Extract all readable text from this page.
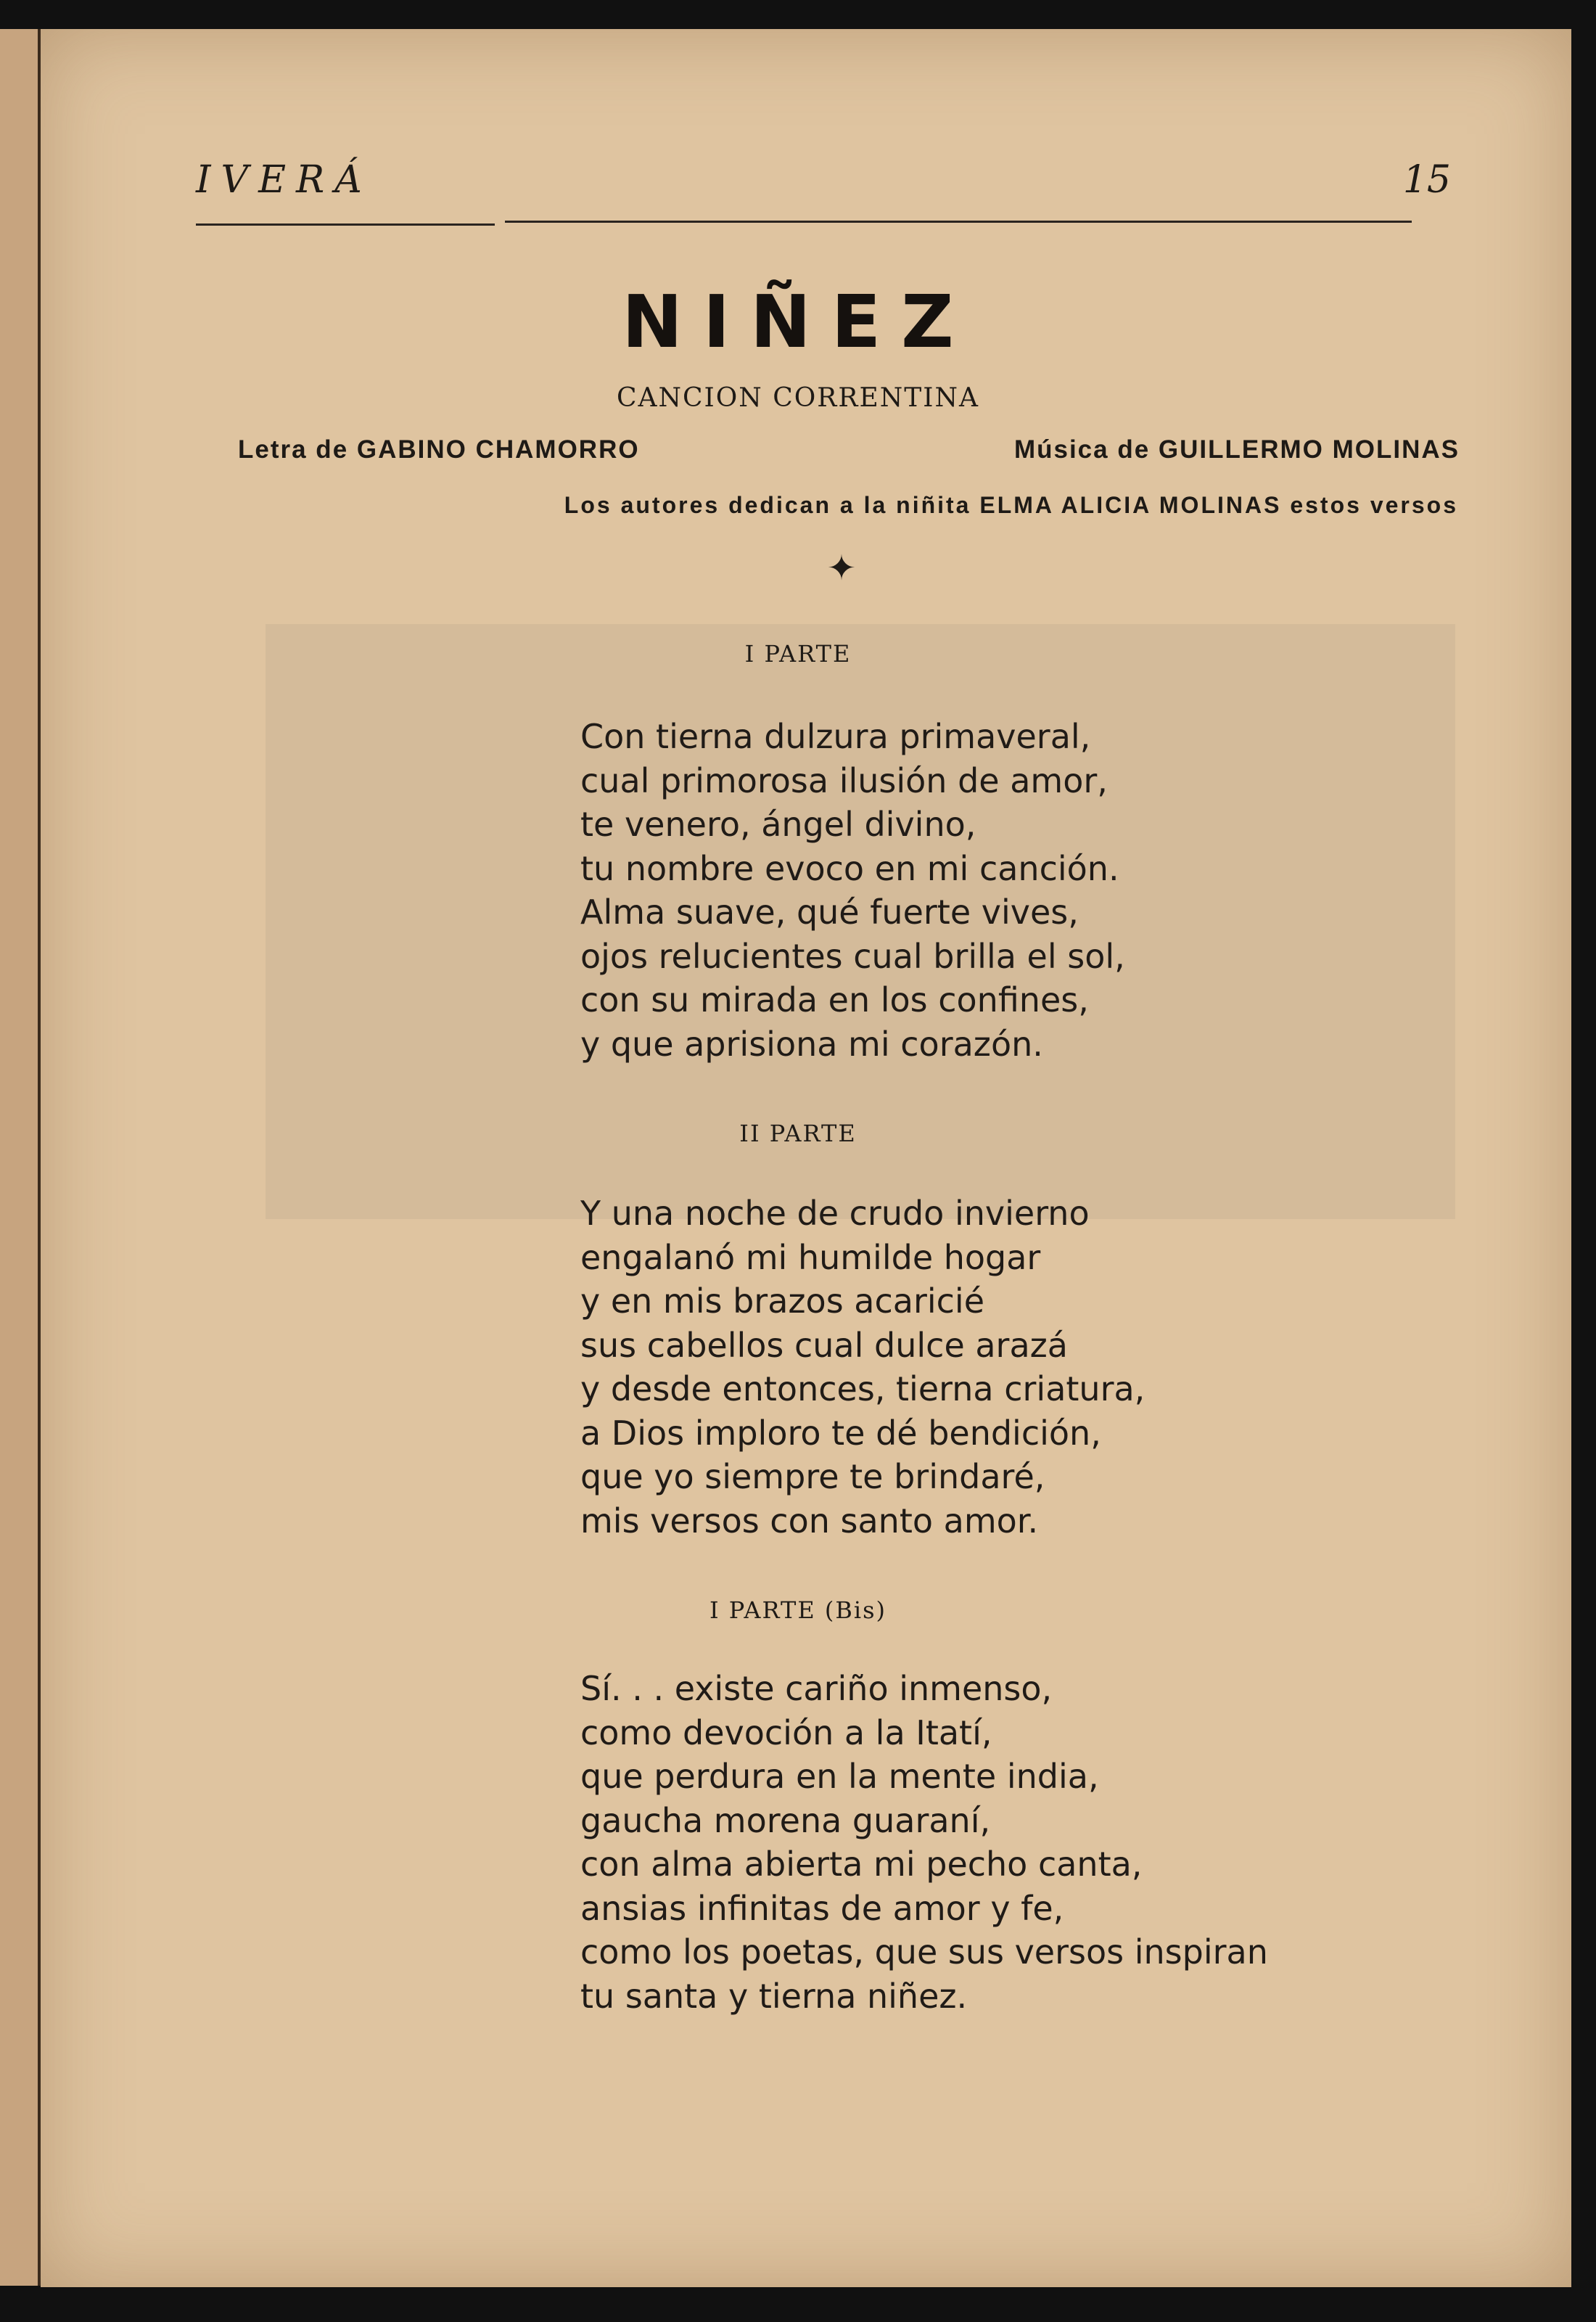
IVERÁ	15
NIÑEZ
CANCION CORRENTINA
Letra de GABINO CHAMORRO	Música de GUILLERMO MOLINAS
Los autores dedican a la niñita ELMA ALICIA MOLINAS estos versos
✦
I PARTE
Con tierna dulzura primaveral,
cual primorosa ilusión de amor,
te venero, ángel divino,
tu nombre evoco en mi canción.
Alma suave, qué fuerte vives,
ojos relucientes cual brilla el sol,
con su mirada en los confines,
y que aprisiona mi corazón.
II PARTE
Y una noche de crudo invierno
engalanó mi humilde hogar
y en mis brazos acaricié
sus cabellos cual dulce arazá
y desde entonces, tierna criatura,
a Dios imploro te dé bendición,
que yo siempre te brindaré,
mis versos con santo amor.
I PARTE (Bis)
Sí. . . existe cariño inmenso,
como devoción a la Itatí,
que perdura en la mente india,
gaucha morena guaraní,
con alma abierta mi pecho canta,
ansias infinitas de amor y fe,
como los poetas, que sus versos inspiran
tu santa y tierna niñez.
